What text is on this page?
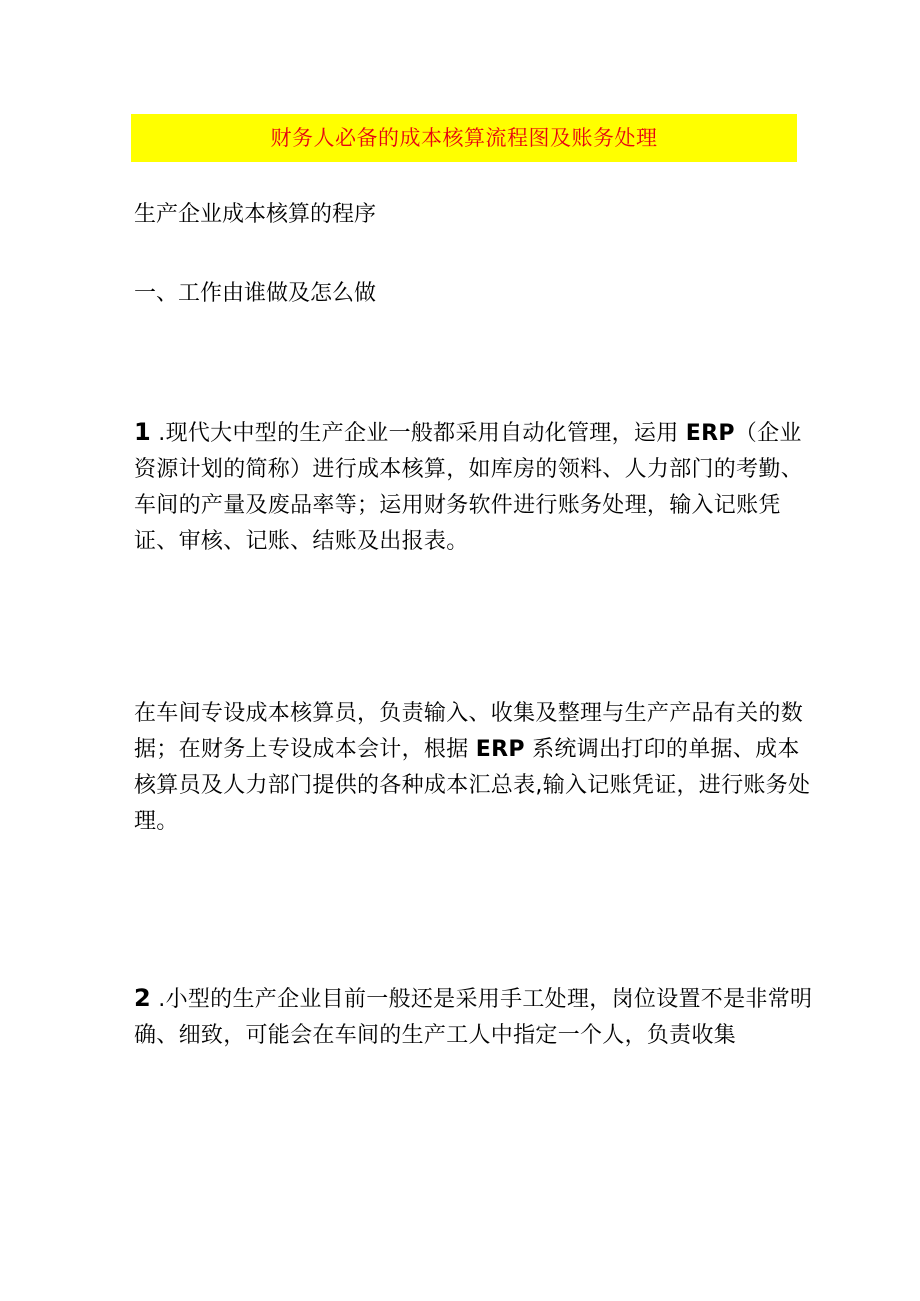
财务人必备的成本核算流程图及账务处理
生产企业成本核算的程序
一、工作由谁做及怎么做
1 .现代大中型的生产企业一般都采用自动化管理，运用 ERP（企业资源计划的简称）进行成本核算，如库房的领料、人力部门的考勤、车间的产量及废品率等；运用财务软件进行账务处理，输入记账凭证、审核、记账、结账及出报表。
在车间专设成本核算员，负责输入、收集及整理与生产产品有关的数据；在财务上专设成本会计，根据 ERP 系统调出打印的单据、成本核算员及人力部门提供的各种成本汇总表,输入记账凭证，进行账务处理。
2 .小型的生产企业目前一般还是采用手工处理，岗位设置不是非常明确、细致，可能会在车间的生产工人中指定一个人，负责收集
